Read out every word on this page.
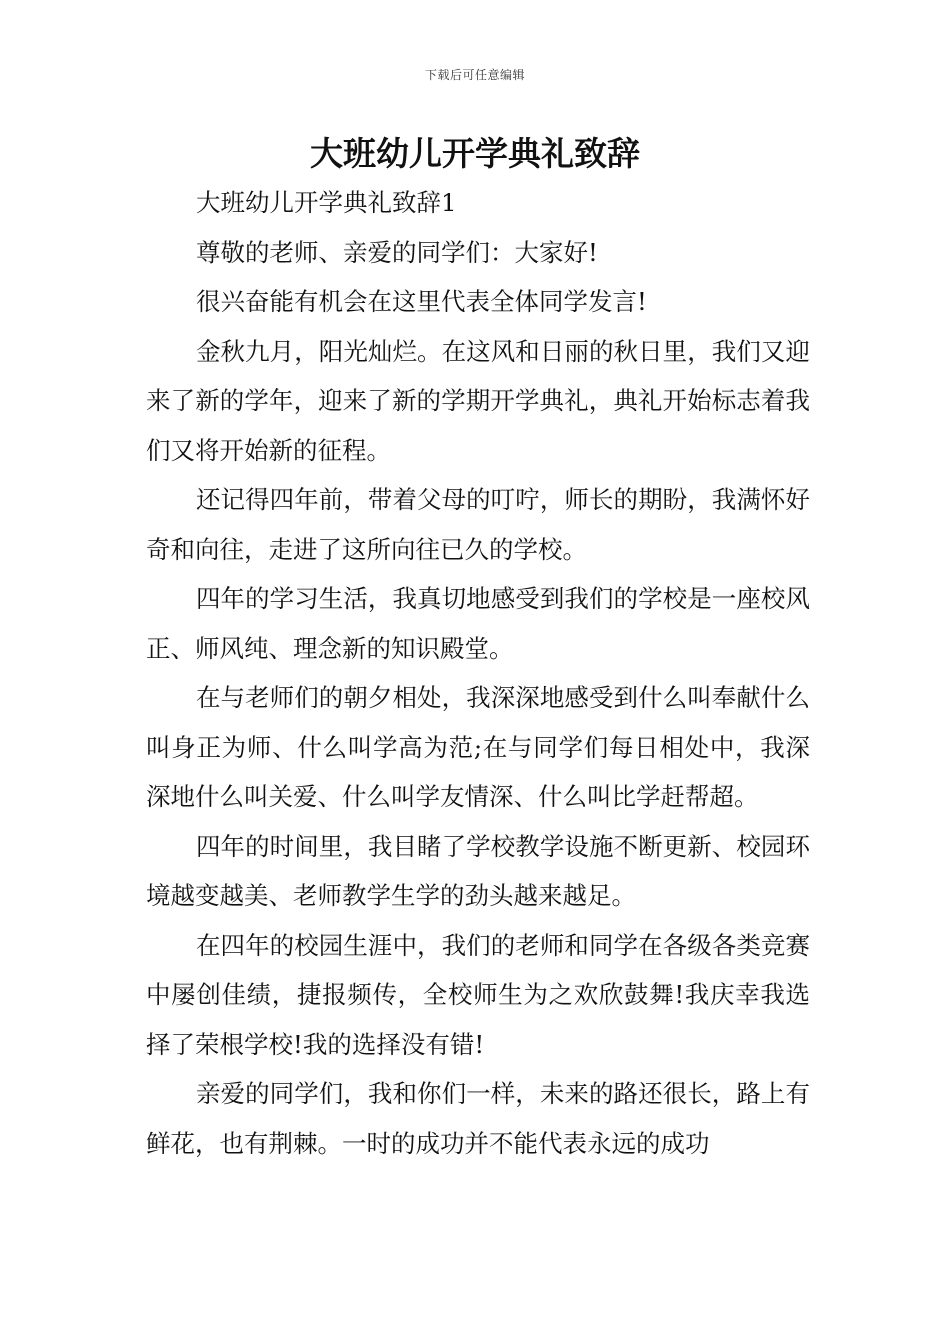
下载后可任意编辑
大班幼儿开学典礼致辞

大班幼儿开学典礼致辞1

尊敬的老师、亲爱的同学们：大家好!

很兴奋能有机会在这里代表全体同学发言!

金秋九月，阳光灿烂。在这风和日丽的秋日里，我们又迎来了新的学年，迎来了新的学期开学典礼，典礼开始标志着我们又将开始新的征程。

还记得四年前，带着父母的叮咛，师长的期盼，我满怀好奇和向往，走进了这所向往已久的学校。

四年的学习生活，我真切地感受到我们的学校是一座校风正、师风纯、理念新的知识殿堂。

在与老师们的朝夕相处，我深深地感受到什么叫奉献什么叫身正为师、什么叫学高为范;在与同学们每日相处中，我深深地什么叫关爱、什么叫学友情深、什么叫比学赶帮超。

四年的时间里，我目睹了学校教学设施不断更新、校园环境越变越美、老师教学生学的劲头越来越足。

在四年的校园生涯中，我们的老师和同学在各级各类竞赛中屡创佳绩，捷报频传，全校师生为之欢欣鼓舞!我庆幸我选择了荣根学校!我的选择没有错!

亲爱的同学们，我和你们一样，未来的路还很长，路上有鲜花，也有荆棘。一时的成功并不能代表永远的成功
